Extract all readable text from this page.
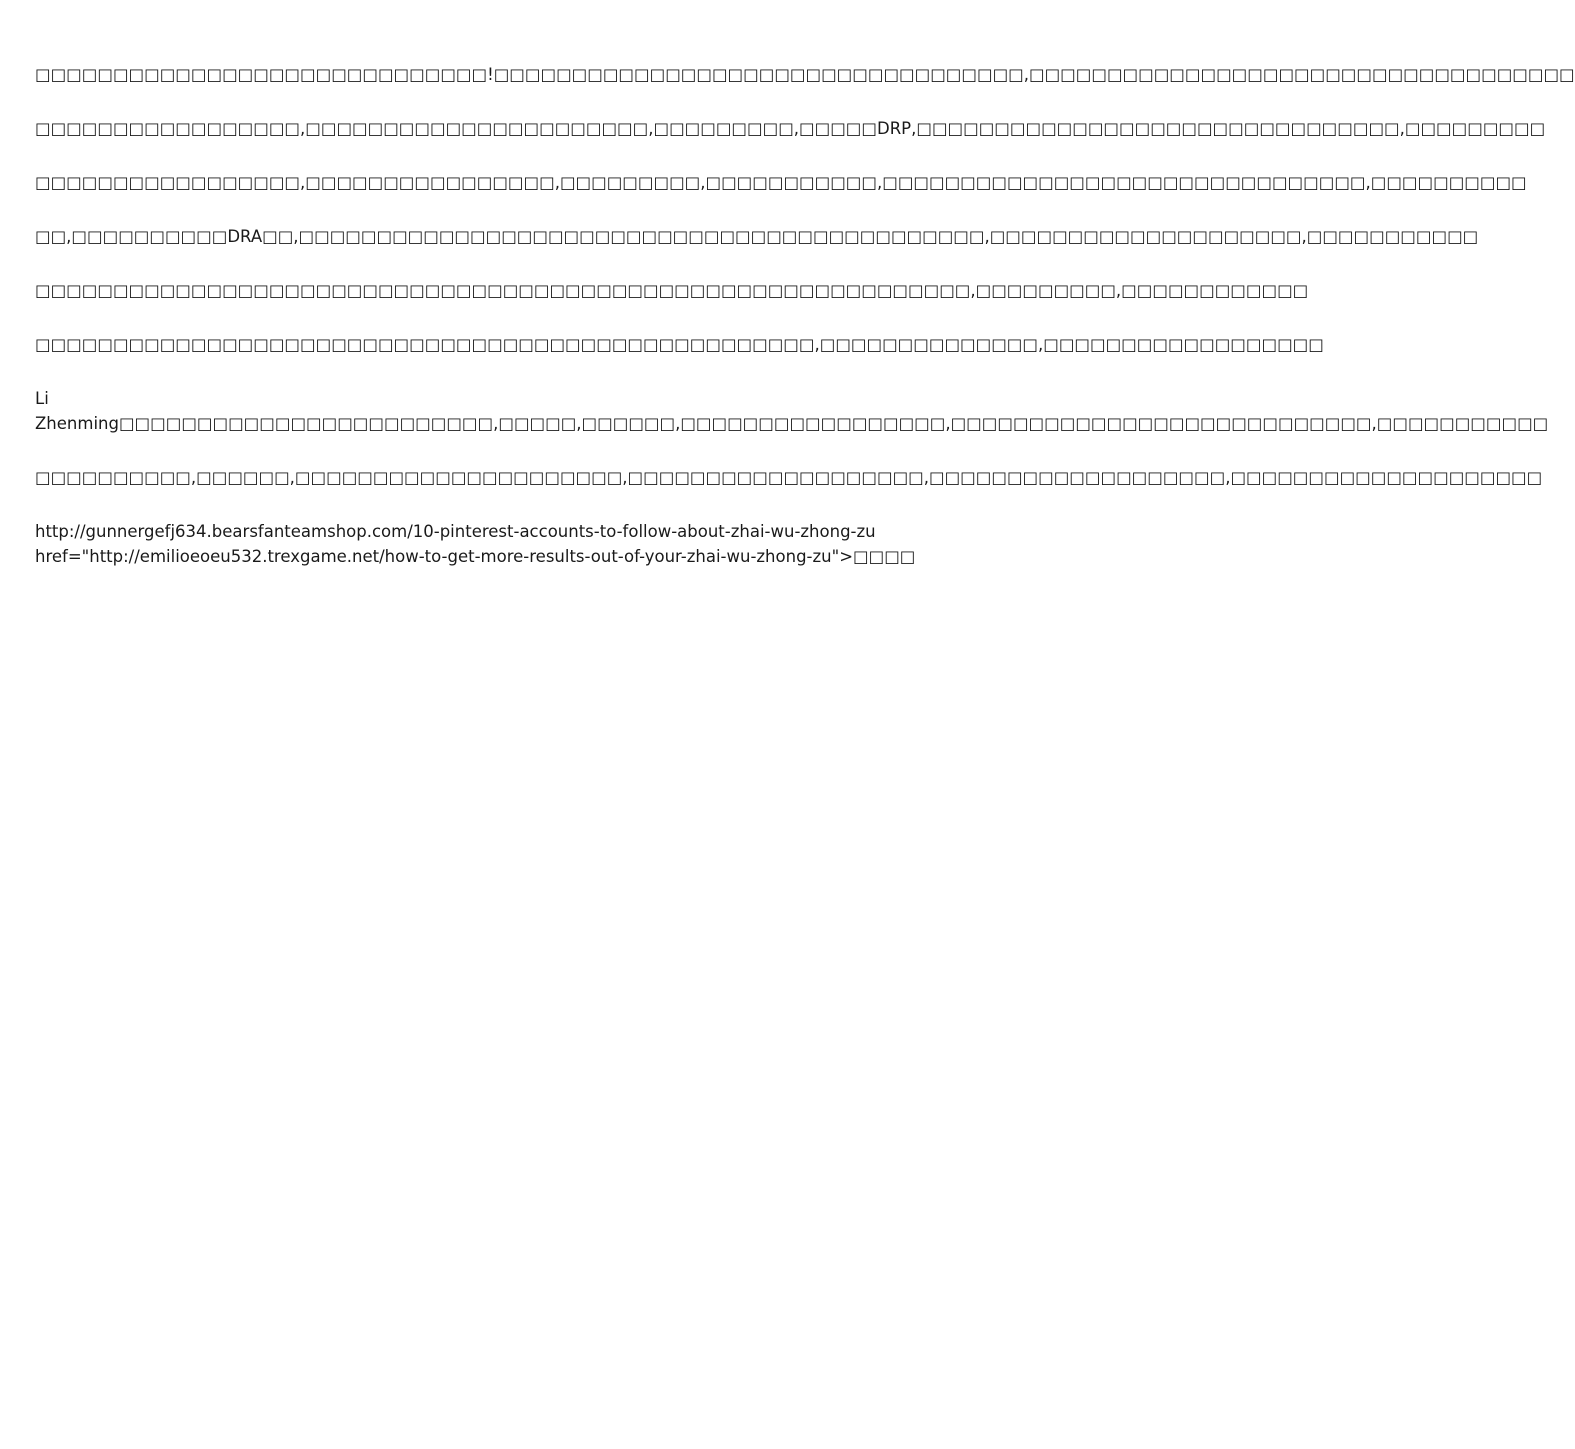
□□□□□□□□□□□□□□□□□□□□□□□□□□□□□!□□□□□□□□□□□□□□□□□□□□□□□□□□□□□□□□□□,□□□□□□□□□□□□□□□□□□□□□□□□□□□□□□□□□□□

□□□□□□□□□□□□□□□□□,□□□□□□□□□□□□□□□□□□□□□□,□□□□□□□□□,□□□□□DRP,□□□□□□□□□□□□□□□□□□□□□□□□□□□□□□□,□□□□□□□□□

□□□□□□□□□□□□□□□□□,□□□□□□□□□□□□□□□□,□□□□□□□□□,□□□□□□□□□□□,□□□□□□□□□□□□□□□□□□□□□□□□□□□□□□□,□□□□□□□□□□

□□,□□□□□□□□□□DRA□□,□□□□□□□□□□□□□□□□□□□□□□□□□□□□□□□□□□□□□□□□□□□□,□□□□□□□□□□□□□□□□□□□□,□□□□□□□□□□□

□□□□□□□□□□□□□□□□□□□□□□□□□□□□□□□□□□□□□□□□□□□□□□□□□□□□□□□□□□□□,□□□□□□□□□,□□□□□□□□□□□□

□□□□□□□□□□□□□□□□□□□□□□□□□□□□□□□□□□□□□□□□□□□□□□□□□□,□□□□□□□□□□□□□□,□□□□□□□□□□□□□□□□□□

Li
Zhenming□□□□□□□□□□□□□□□□□□□□□□□□,□□□□□,□□□□□□,□□□□□□□□□□□□□□□□□,□□□□□□□□□□□□□□□□□□□□□□□□□□□,□□□□□□□□□□□

□□□□□□□□□□,□□□□□□,□□□□□□□□□□□□□□□□□□□□□,□□□□□□□□□□□□□□□□□□□,□□□□□□□□□□□□□□□□□□□,□□□□□□□□□□□□□□□□□□□□

http://gunnergefj634.bearsfanteamshop.com/10-pinterest-accounts-to-follow-about-zhai-wu-zhong-zu
href="http://emilioeoeu532.trexgame.net/how-to-get-more-results-out-of-your-zhai-wu-zhong-zu">□□□□
